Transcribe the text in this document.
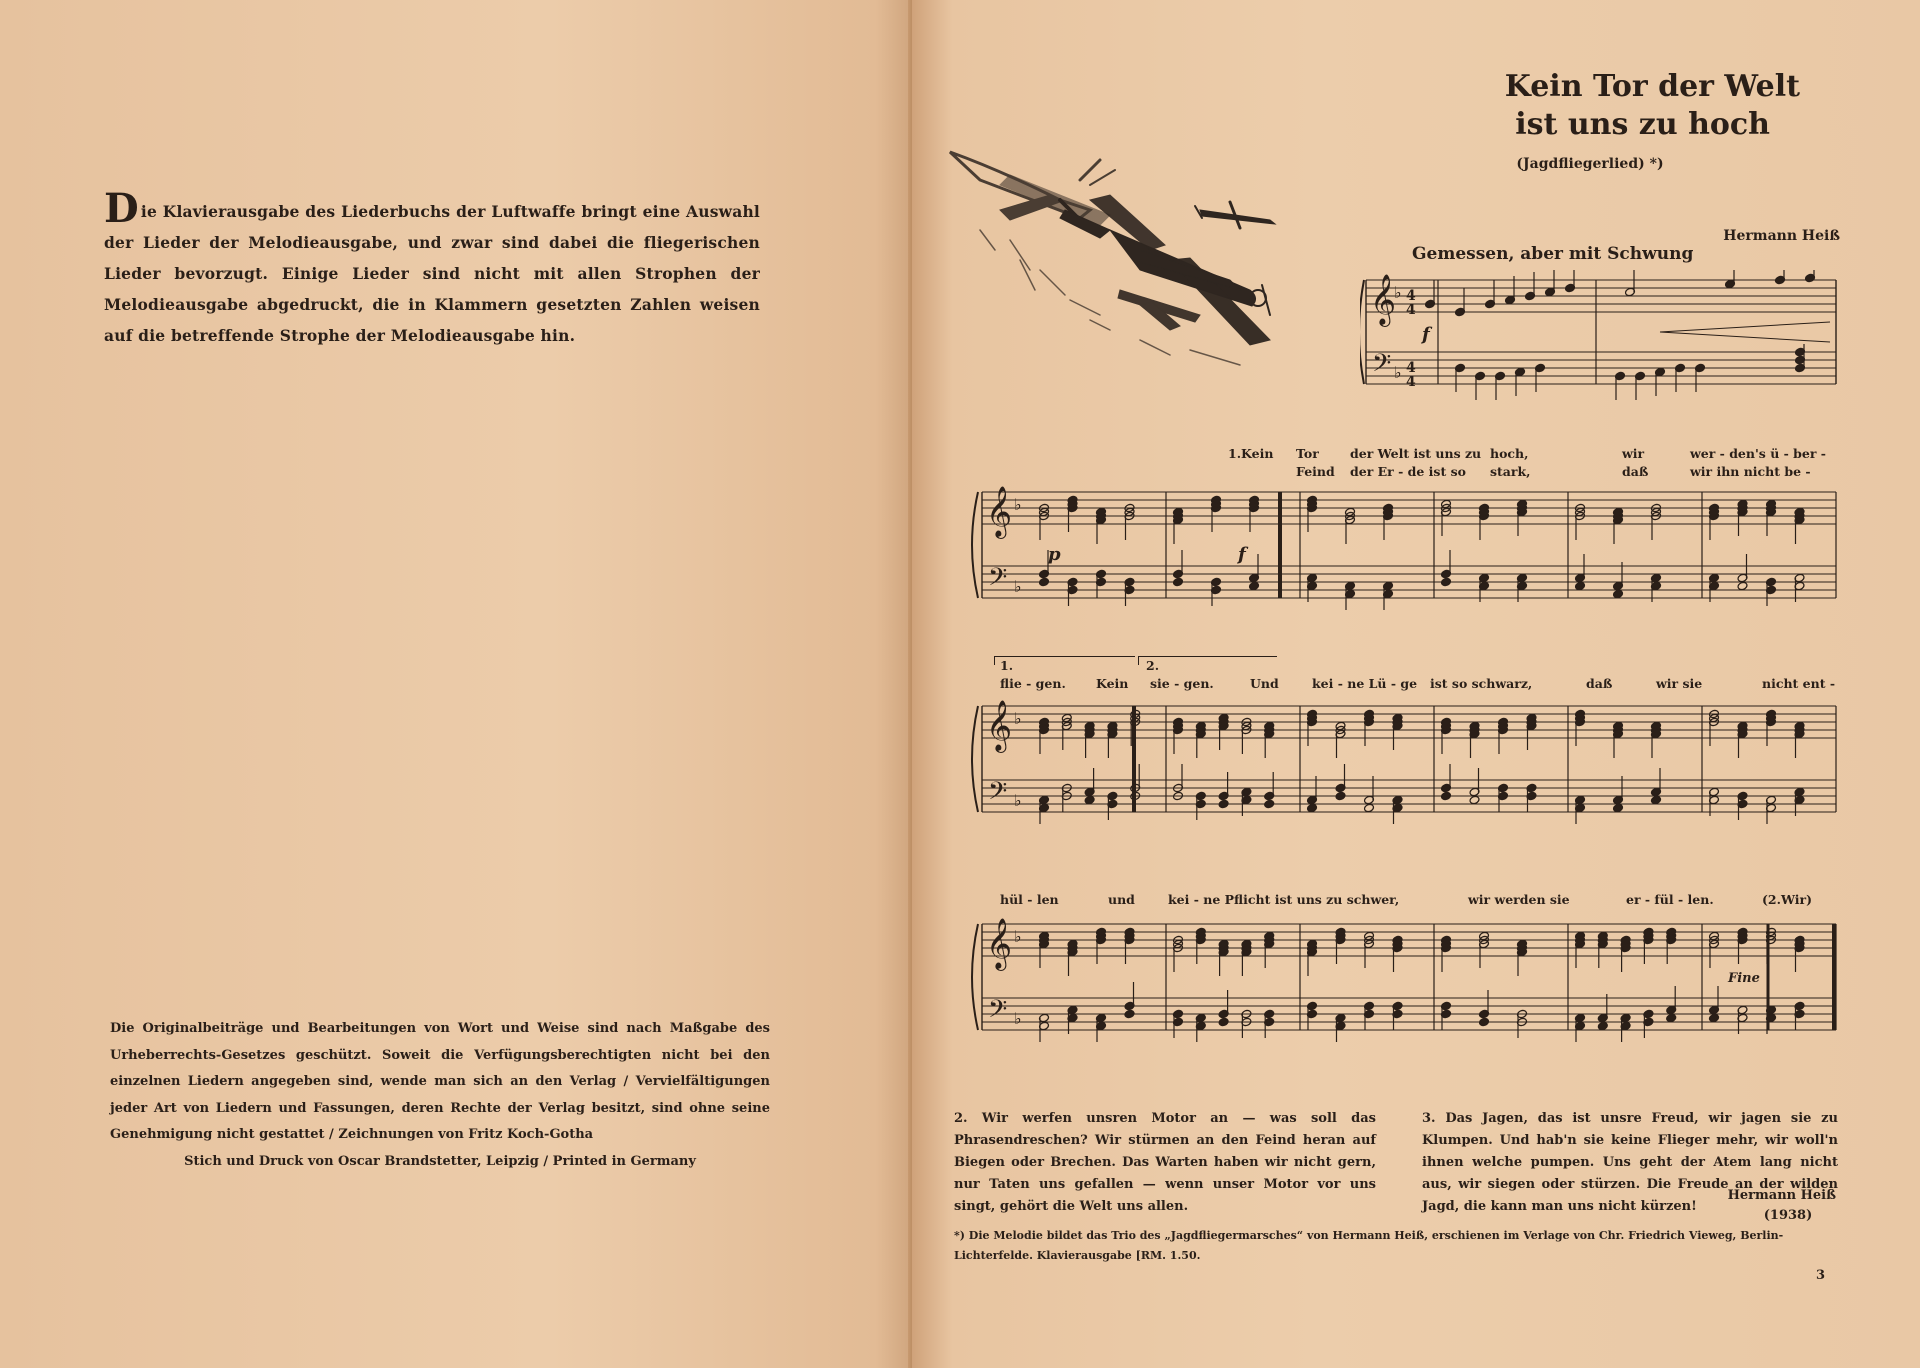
D ie Klavierausgabe des Liederbuchs der Luftwaffe bringt eine Auswahl der Lieder der Melodieausgabe, und zwar sind dabei die fliegerischen Lieder bevorzugt. Einige Lieder sind nicht mit allen Strophen der Melodieausgabe abgedruckt, die in Klammern gesetzten Zahlen weisen auf die betreffende Strophe der Melodieausgabe hin.
Die Originalbeiträge und Bearbeitungen von Wort und Weise sind nach Maßgabe des Urheberrechts-Gesetzes geschützt. Soweit die Verfügungsberechtigten nicht bei den einzelnen Liedern angegeben sind, wende man sich an den Verlag / Vervielfältigungen jeder Art von Liedern und Fassungen, deren Rechte der Verlag besitzt, sind ohne seine Genehmigung nicht gestattet / Zeichnungen von Fritz Koch-Gotha
Stich und Druck von Oscar Brandstetter, Leipzig / Printed in Germany
Kein Tor der Welt
ist uns zu hoch
(Jagdfliegerlied) *)
Hermann Heiß
Gemessen, aber mit Schwung
𝄞
𝄢
♭
♭
4
4
4
4
f
1.Kein Tor der Welt ist uns zu hoch,	wir	wer - den's ü - ber -
Feind der Er - de ist so stark,	daß	wir ihn nicht be -
𝄞
𝄢
♭
♭
p	f
1.	2.
flie - gen. Kein sie - gen.	Und	kei - ne Lü - ge ist so schwarz,	daß	wir sie	nicht ent -
𝄞
𝄢
♭
♭
hül - len	und	kei - ne Pflicht ist uns zu schwer,	wir werden sie	er - fül - len.	(2.Wir)
𝄞
𝄢
♭
♭
Fine
2. Wir werfen unsren Motor an — was soll das Phrasendreschen? Wir stürmen an den Feind heran auf Biegen oder Brechen. Das Warten haben wir nicht gern, nur Taten uns gefallen — wenn unser Motor vor uns singt, gehört die Welt uns allen.
3. Das Jagen, das ist unsre Freud, wir jagen sie zu Klumpen. Und hab'n sie keine Flieger mehr, wir woll'n ihnen welche pumpen. Uns geht der Atem lang nicht aus, wir siegen oder stürzen. Die Freude an der wilden Jagd, die kann man uns nicht kürzen!
Hermann Heiß
(1938)
*) Die Melodie bildet das Trio des „Jagdfliegermarsches“ von Hermann Heiß, erschienen im Verlage von Chr. Friedrich Vieweg, Berlin-Lichterfelde. Klavierausgabe [RM. 1.50.
3
